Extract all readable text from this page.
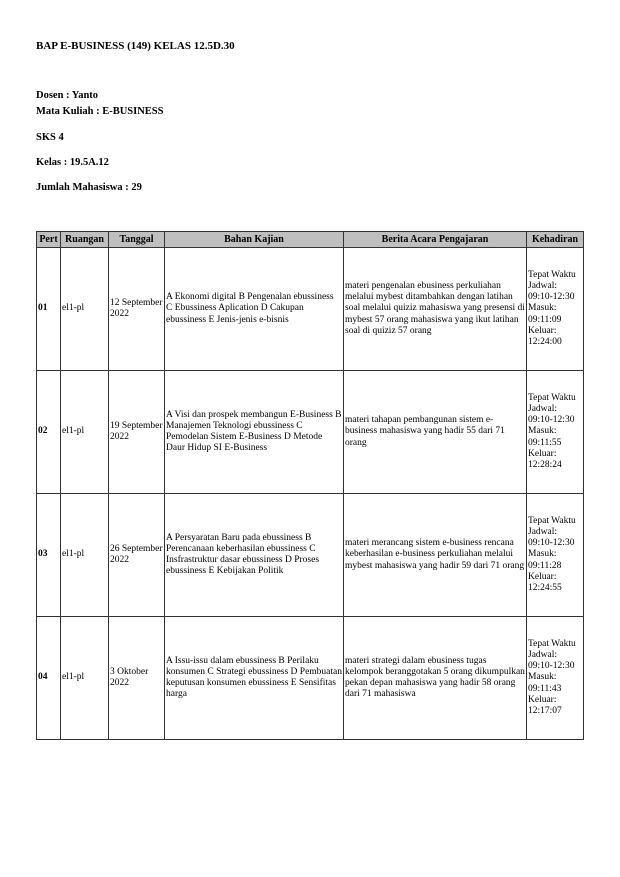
BAP E-BUSINESS (149) KELAS 12.5D.30
Dosen : Yanto
Mata Kuliah : E-BUSINESS
SKS 4
Kelas : 19.5A.12
Jumlah Mahasiswa : 29
Pert	Ruangan	Tanggal	Bahan Kajian	Berita Acara Pengajaran	Kehadiran
01	el1-pl	12 September 2022	A Ekonomi digital B Pengenalan ebussiness C Ebussiness Aplication D Cakupan ebussiness E Jenis-jenis e-bisnis	materi pengenalan ebusiness perkuliahan melalui mybest ditambahkan dengan latihan soal melalui quiziz mahasiswa yang presensi di mybest 57 orang mahasiswa yang ikut latihan soal di quiziz 57 orang	Tepat Waktu Jadwal: 09:10-12:30 Masuk: 09:11:09 Keluar: 12:24:00
02	el1-pl	19 September 2022	A Visi dan prospek membangun E-Business B Manajemen Teknologi ebussiness C Pemodelan Sistem E-Business D Metode Daur Hidup SI E-Business	materi tahapan pembangunan sistem e-business mahasiswa yang hadir 55 dari 71 orang	Tepat Waktu Jadwal: 09:10-12:30 Masuk: 09:11:55 Keluar: 12:28:24
03	el1-pl	26 September 2022	A Persyaratan Baru pada ebussiness B Perencanaan keberhasilan ebussiness C Insfrastruktur dasar ebussiness D Proses ebussiness E Kebijakan Politik	materi merancang sistem e-business rencana keberhasilan e-business perkuliahan melalui mybest mahasiswa yang hadir 59 dari 71 orang	Tepat Waktu Jadwal: 09:10-12:30 Masuk: 09:11:28 Keluar: 12:24:55
04	el1-pl	3 Oktober 2022	A Issu-issu dalam ebussiness B Perilaku konsumen C Strategi ebussiness D Pembuatan keputusan konsumen ebussiness E Sensifitas harga	materi strategi dalam ebusiness tugas kelompok beranggotakan 5 orang dikumpulkan pekan depan mahasiswa yang hadir 58 orang dari 71 mahasiswa	Tepat Waktu Jadwal: 09:10-12:30 Masuk: 09:11:43 Keluar: 12:17:07
